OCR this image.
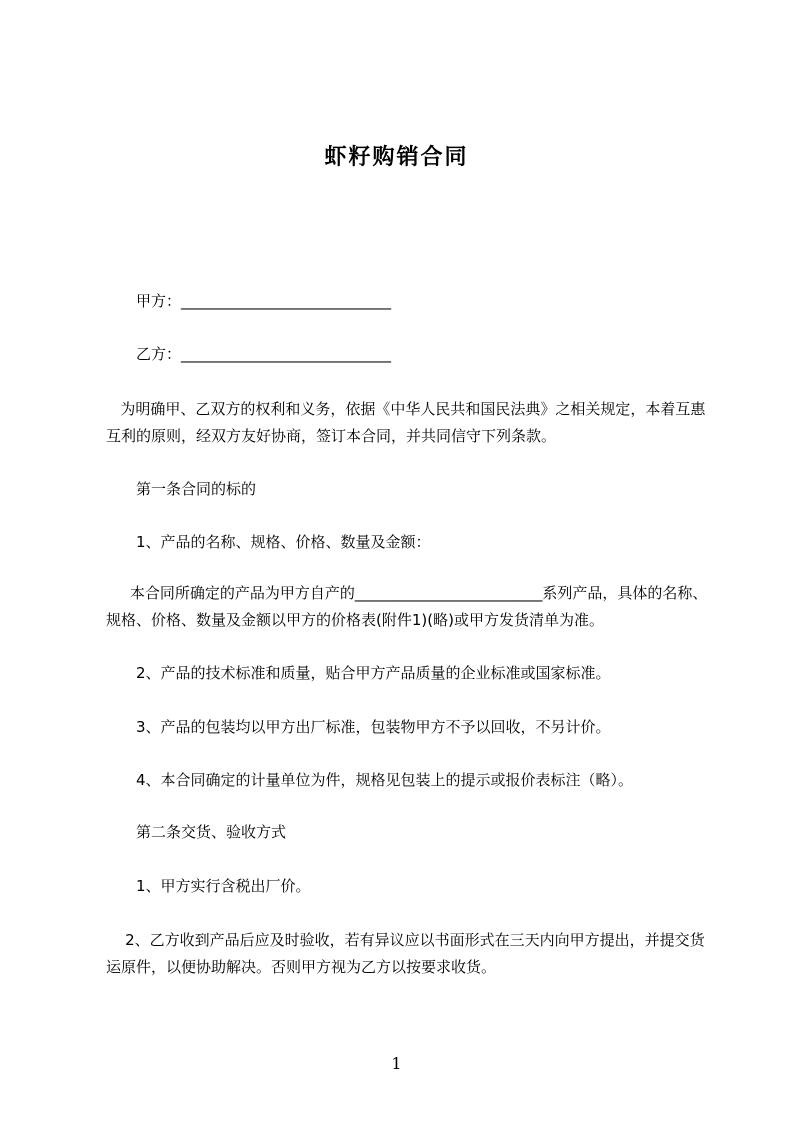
虾籽购销合同
甲方：____________________________
乙方：____________________________
为明确甲、乙双方的权利和义务，依据《中华人民共和国民法典》之相关规定，本着互惠互利的原则，经双方友好协商，签订本合同，并共同信守下列条款。
第一条合同的标的
1、产品的名称、规格、价格、数量及金额：
本合同所确定的产品为甲方自产的_________________________系列产品，具体的名称、规格、价格、数量及金额以甲方的价格表(附件1)(略)或甲方发货清单为准。
2、产品的技术标准和质量，贴合甲方产品质量的企业标准或国家标准。
3、产品的包装均以甲方出厂标准，包装物甲方不予以回收，不另计价。
4、本合同确定的计量单位为件，规格见包装上的提示或报价表标注（略）。
第二条交货、验收方式
1、甲方实行含税出厂价。
2、乙方收到产品后应及时验收，若有异议应以书面形式在三天内向甲方提出，并提交货运原件，以便协助解决。否则甲方视为乙方以按要求收货。
1
